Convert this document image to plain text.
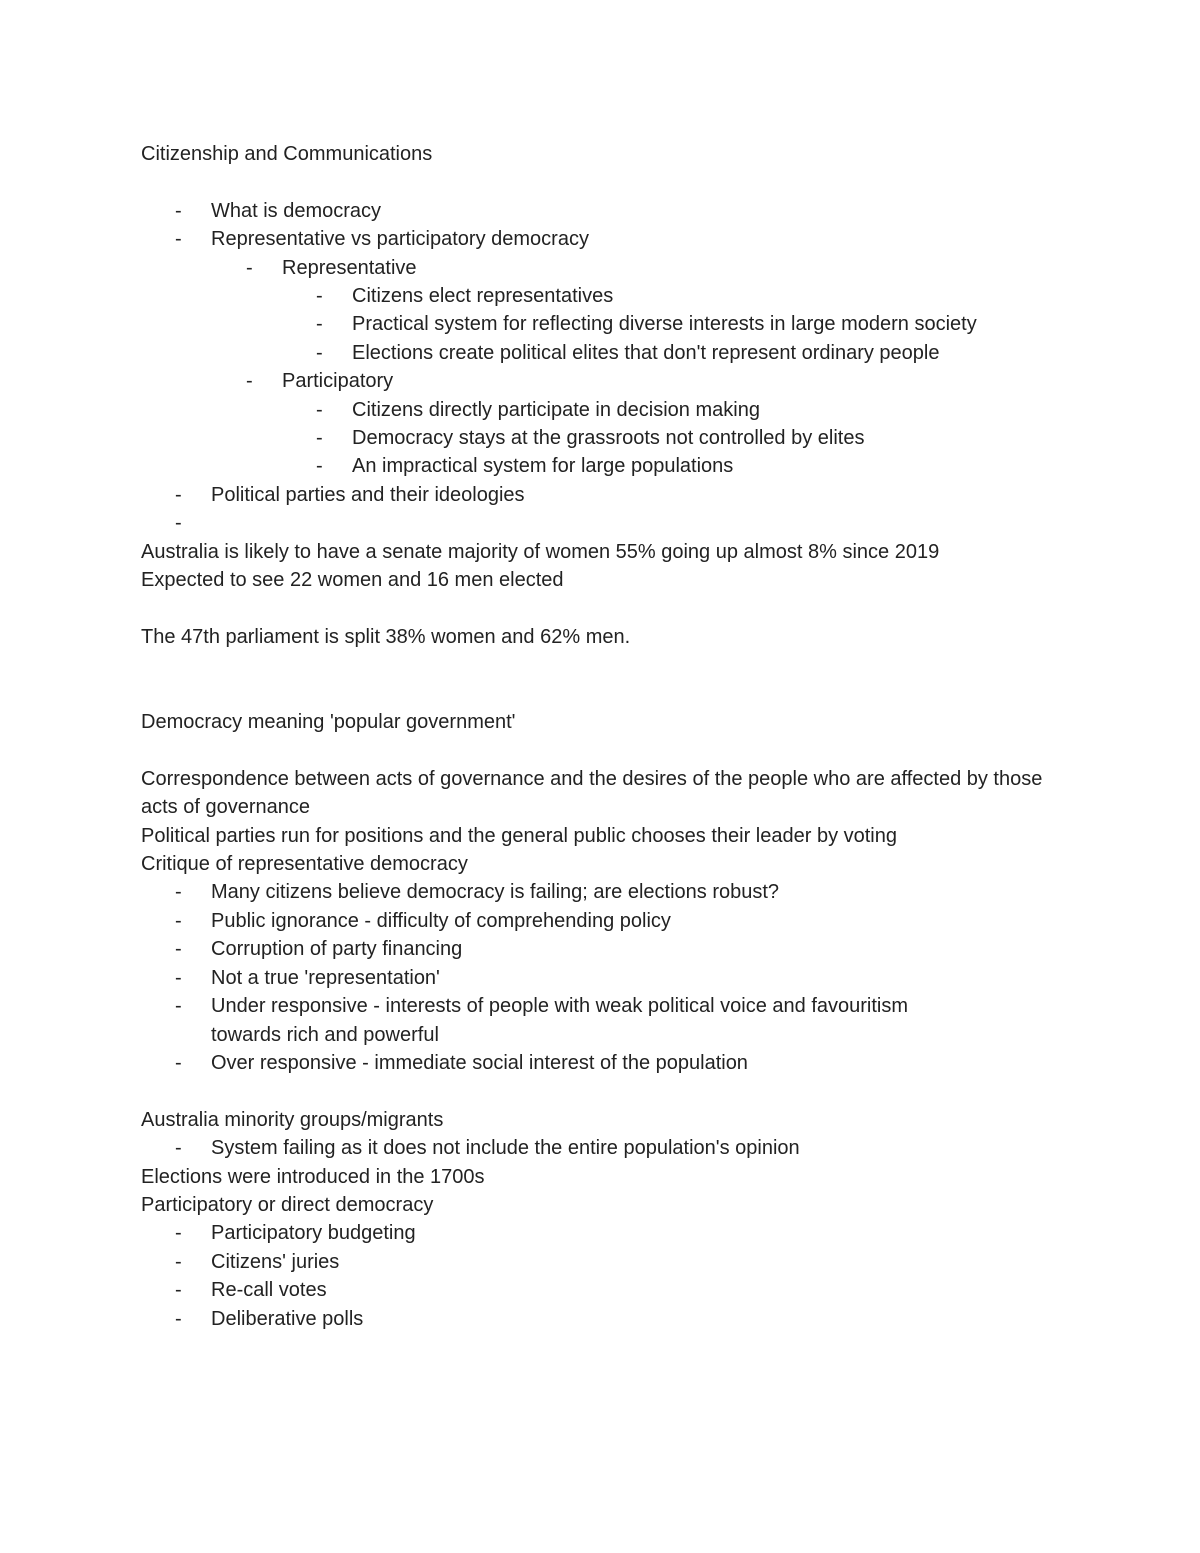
Citizenship and Communications

-	What is democracy
-	Representative vs participatory democracy
-	Representative
-	Citizens elect representatives
-	Practical system for reflecting diverse interests in large modern society
-	Elections create political elites that don't represent ordinary people
-	Participatory
-	Citizens directly participate in decision making
-	Democracy stays at the grassroots not controlled by elites
-	An impractical system for large populations
-	Political parties and their ideologies
-

Australia is likely to have a senate majority of women 55% going up almost 8% since 2019

Expected to see 22 women and 16 men elected

The 47th parliament is split 38% women and 62% men.

Democracy meaning 'popular government'

Correspondence between acts of governance and the desires of the people who are affected by those acts of governance

Political parties run for positions and the general public chooses their leader by voting

Critique of representative democracy

-	Many citizens believe democracy is failing; are elections robust?
-	Public ignorance - difficulty of comprehending policy
-	Corruption of party financing
-	Not a true 'representation'
-	Under responsive - interests of people with weak political voice and favouritism towards rich and powerful
-	Over responsive - immediate social interest of the population

Australia minority groups/migrants

-	System failing as it does not include the entire population's opinion

Elections were introduced in the 1700s

Participatory or direct democracy

-	Participatory budgeting
-	Citizens' juries
-	Re-call votes
-	Deliberative polls
